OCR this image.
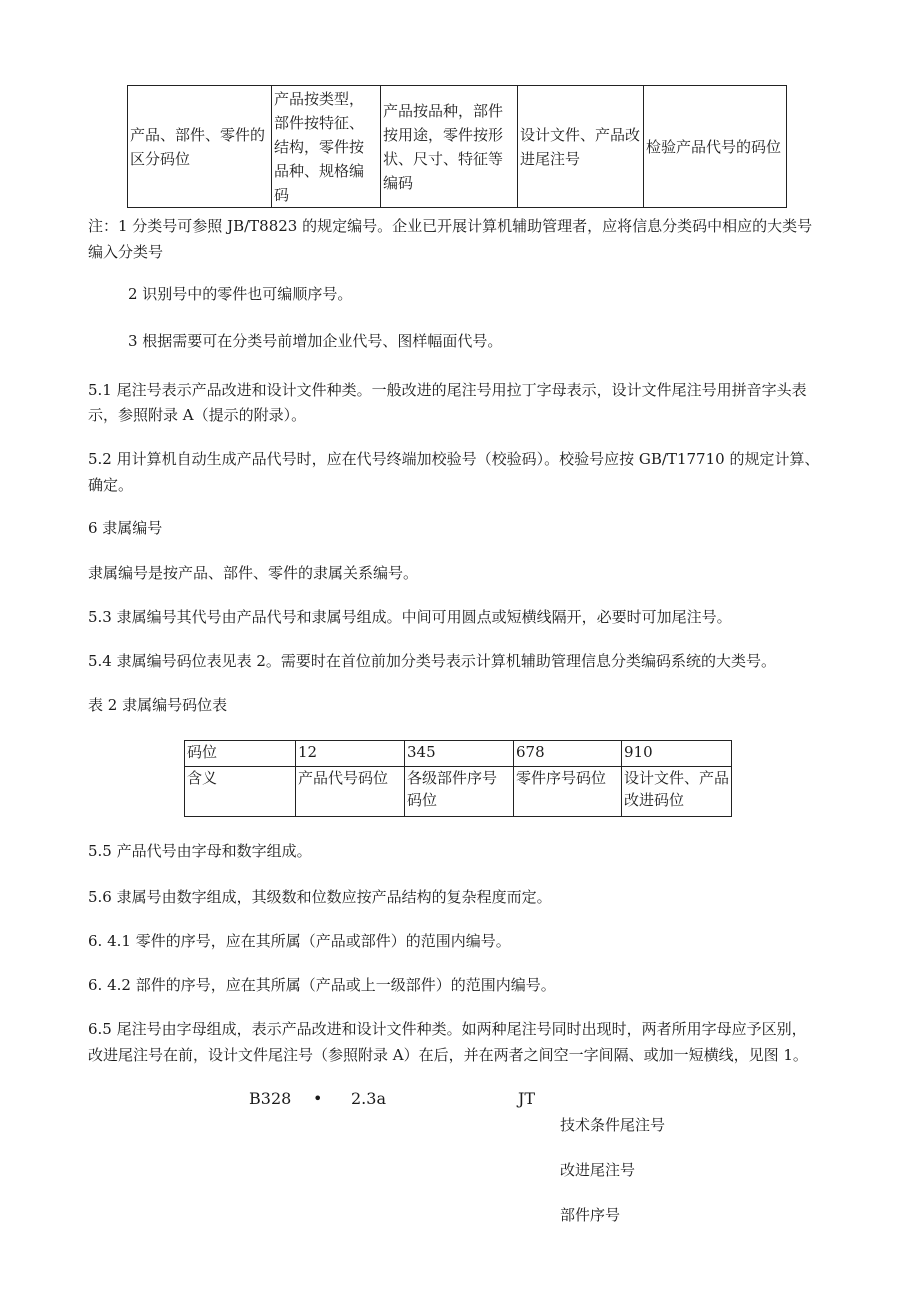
产品、部件、零件的区分码位	产品按类型，部件按特征、结构，零件按品种、规格编码	产品按品种，部件按用途，零件按形状、尺寸、特征等编码	设计文件、产品改进尾注号	检验产品代号的码位
注：1 分类号可参照 JB/T8823 的规定编号。企业已开展计算机辅助管理者，应将信息分类码中相应的大类号
编入分类号
2 识别号中的零件也可编顺序号。
3 根据需要可在分类号前增加企业代号、图样幅面代号。
5.1 尾注号表示产品改进和设计文件种类。一般改进的尾注号用拉丁字母表示，设计文件尾注号用拼音字头表
示，参照附录 A（提示的附录）。
5.2 用计算机自动生成产品代号时，应在代号终端加校验号（校验码）。校验号应按 GB/T17710 的规定计算、
确定。
6 隶属编号
隶属编号是按产品、部件、零件的隶属关系编号。
5.3 隶属编号其代号由产品代号和隶属号组成。中间可用圆点或短横线隔开，必要时可加尾注号。
5.4 隶属编号码位表见表 2。需要时在首位前加分类号表示计算机辅助管理信息分类编码系统的大类号。
表 2 隶属编号码位表
码位	12	345	678	910
含义	产品代号码位	各级部件序号码位	零件序号码位	设计文件、产品改进码位
5.5 产品代号由字母和数字组成。
5.6 隶属号由数字组成，其级数和位数应按产品结构的复杂程度而定。
6. 4.1 零件的序号，应在其所属（产品或部件）的范围内编号。
6. 4.2 部件的序号，应在其所属（产品或上一级部件）的范围内编号。
6.5 尾注号由字母组成，表示产品改进和设计文件种类。如两种尾注号同时出现时，两者所用字母应予区别，
改进尾注号在前，设计文件尾注号（参照附录 A）在后，并在两者之间空一字间隔、或加一短横线，见图 1。
B328 • 2.3a	JT
技术条件尾注号
改进尾注号
部件序号
